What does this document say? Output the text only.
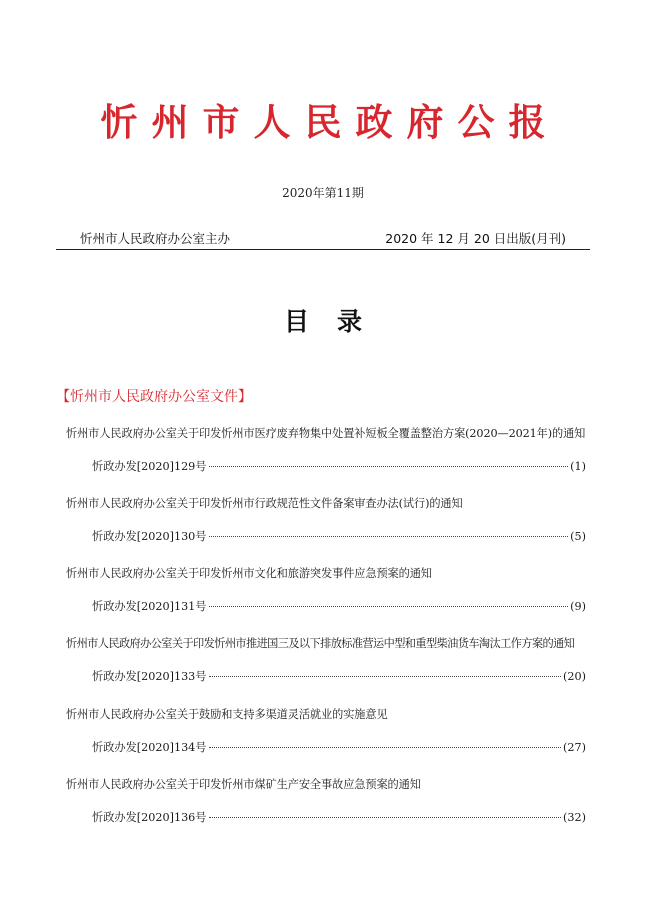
忻州市人民政府公报
2020年第11期
忻州市人民政府办公室主办	2020 年 12 月 20 日出版(月刊)
目录
【忻州市人民政府办公室文件】
忻州市人民政府办公室关于印发忻州市医疗废弃物集中处置补短板全覆盖整治方案(2020—2021年)的通知
忻政办发[2020]129号	(1)
忻州市人民政府办公室关于印发忻州市行政规范性文件备案审查办法(试行)的通知
忻政办发[2020]130号	(5)
忻州市人民政府办公室关于印发忻州市文化和旅游突发事件应急预案的通知
忻政办发[2020]131号	(9)
忻州市人民政府办公室关于印发忻州市推进国三及以下排放标准营运中型和重型柴油货车淘汰工作方案的通知
忻政办发[2020]133号	(20)
忻州市人民政府办公室关于鼓励和支持多渠道灵活就业的实施意见
忻政办发[2020]134号	(27)
忻州市人民政府办公室关于印发忻州市煤矿生产安全事故应急预案的通知
忻政办发[2020]136号	(32)
